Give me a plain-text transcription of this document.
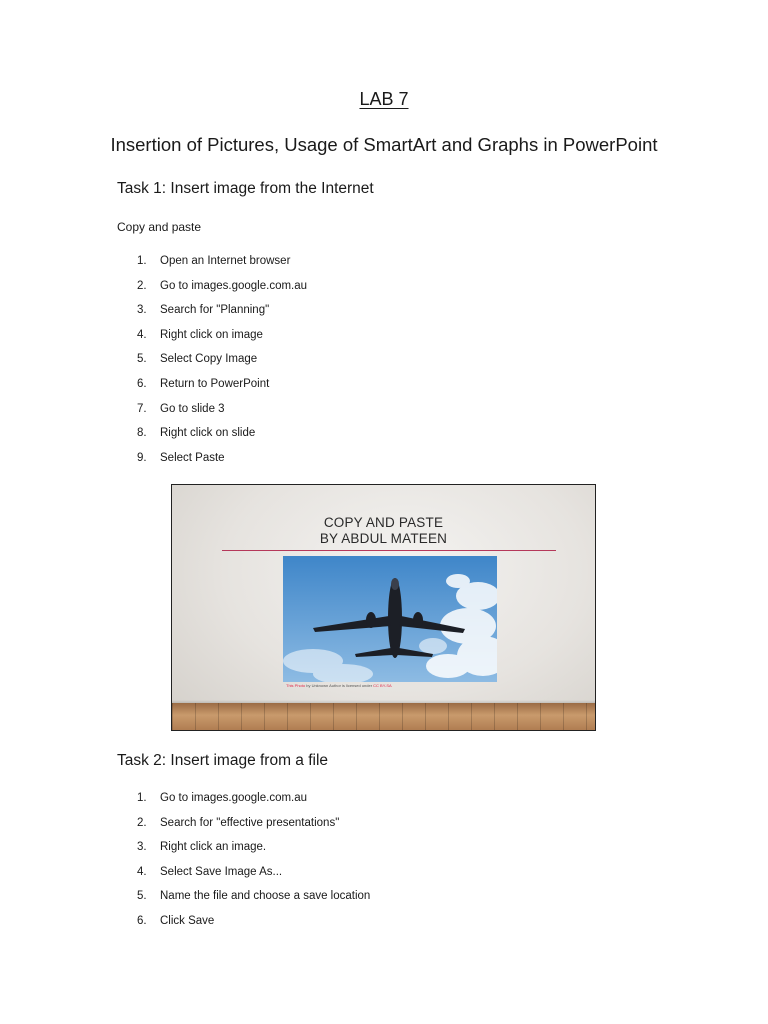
LAB 7
Insertion of Pictures, Usage of SmartArt and Graphs in PowerPoint
Task 1: Insert image from the Internet
Copy and paste
1. Open an Internet browser
2. Go to images.google.com.au
3. Search for "Planning"
4. Right click on image
5. Select Copy Image
6. Return to PowerPoint
7. Go to slide 3
8. Right click on slide
9. Select Paste
COPY AND PASTE
BY ABDUL MATEEN
This Photo by Unknown Author is licensed under CC BY-SA
Task 2: Insert image from a file
1. Go to images.google.com.au
2. Search for "effective presentations"
3. Right click an image.
4. Select Save Image As...
5. Name the file and choose a save location
6. Click Save
